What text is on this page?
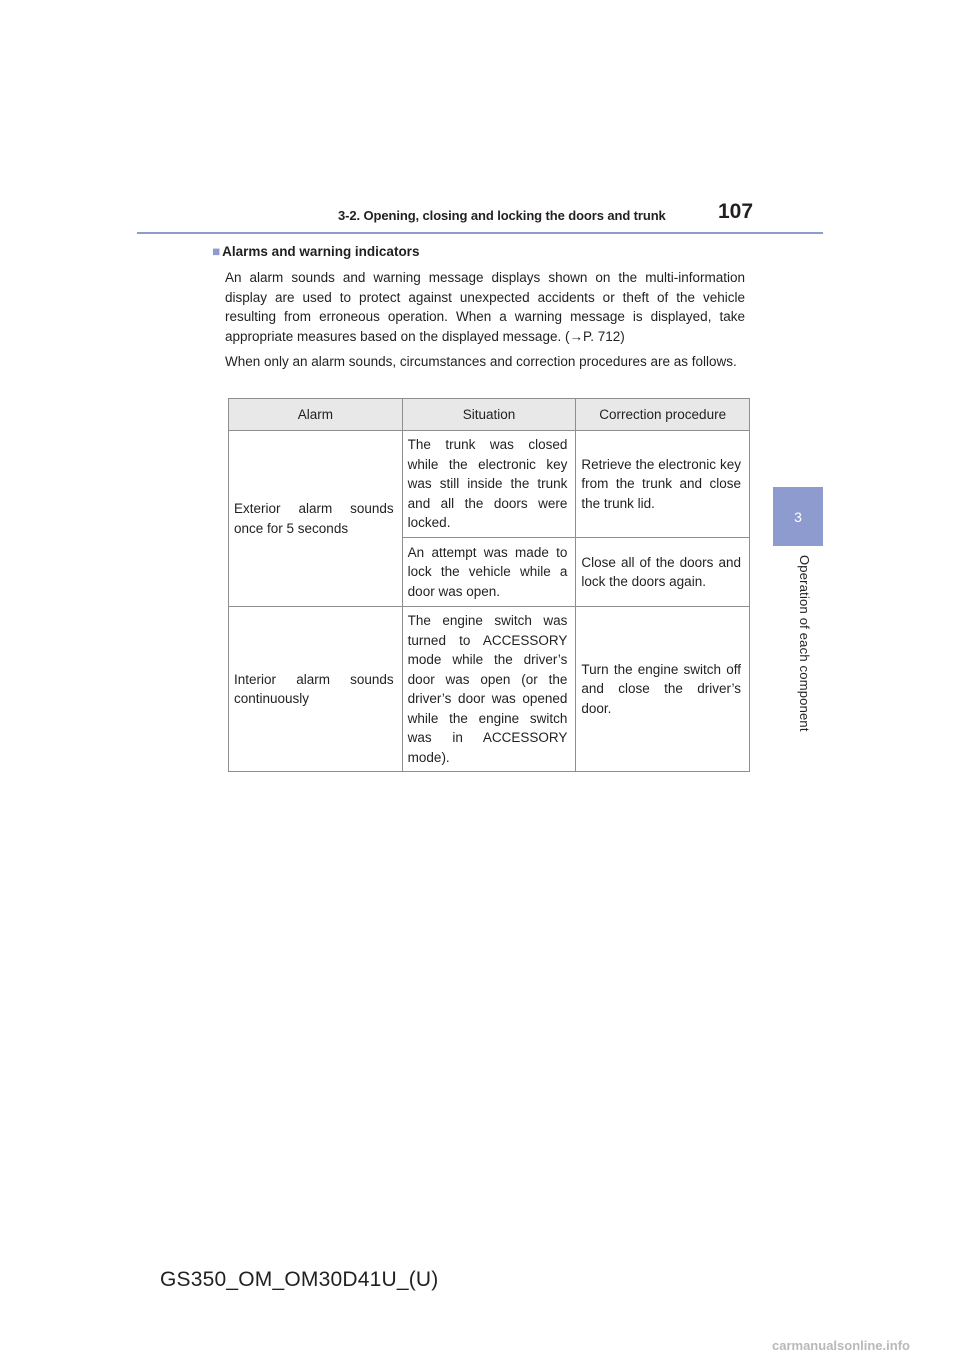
3-2. Opening, closing and locking the doors and trunk 107
3
Operation of each component
■ Alarms and warning indicators
An alarm sounds and warning message displays shown on the multi-information display are used to protect against unexpected accidents or theft of the vehicle resulting from erroneous operation. When a warning message is displayed, take appropriate measures based on the displayed message. (→P. 712)
When only an alarm sounds, circumstances and correction procedures are as follows.
Alarm	Situation	Correction procedure
Exterior alarm sounds once for 5 seconds	The trunk was closed while the electronic key was still inside the trunk and all the doors were locked.	Retrieve the electronic key from the trunk and close the trunk lid.
	An attempt was made to lock the vehicle while a door was open.	Close all of the doors and lock the doors again.
Interior alarm sounds continuously	The engine switch was turned to ACCESSORY mode while the driver’s door was open (or the driver’s door was opened while the engine switch was in ACCESSORY mode).	Turn the engine switch off and close the driver’s door.
GS350_OM_OM30D41U_(U)
carmanualsonline.info
